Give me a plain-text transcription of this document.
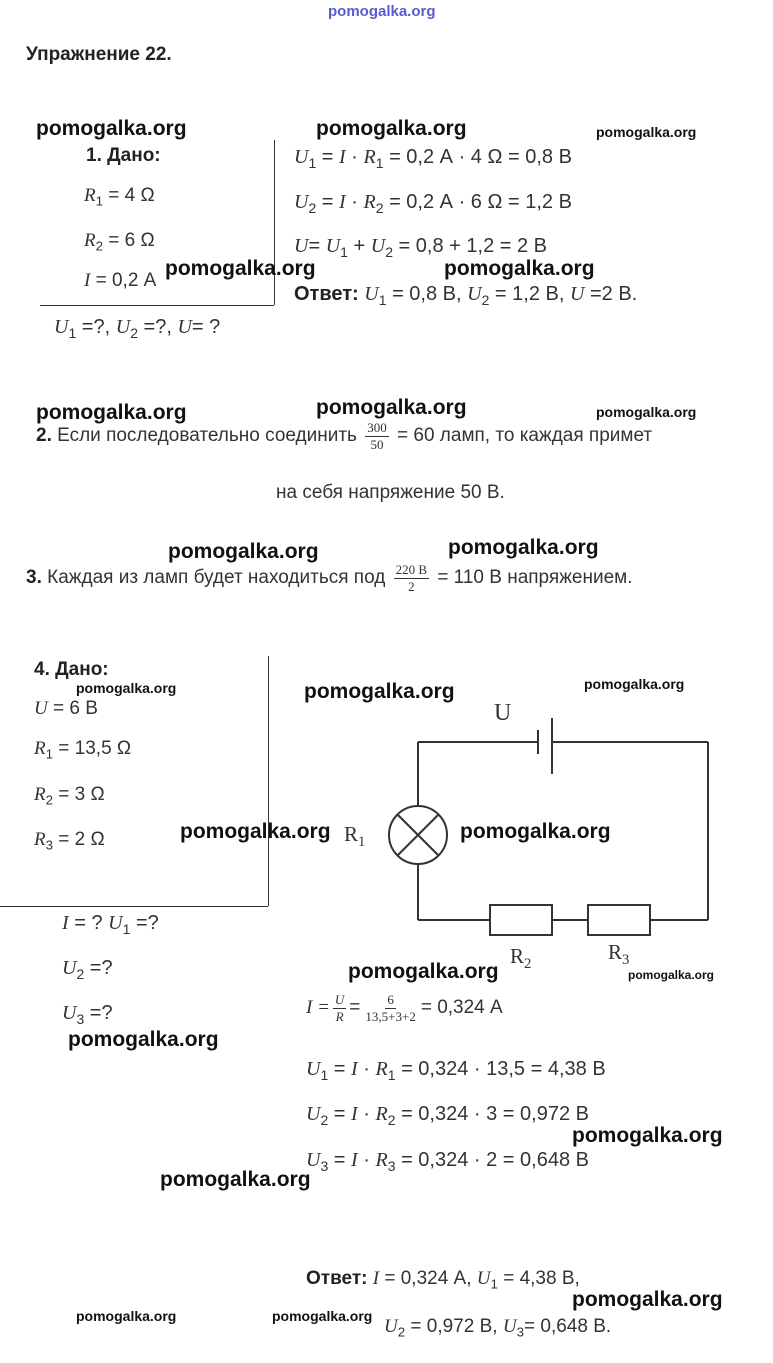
pomogalka.org
Упражнение 22.
pomogalka.org	pomogalka.org	pomogalka.org
1. Дано:
$R_1 = 4$ Ω
$R_2 = 6$ Ω
I = 0,2 А
$U_1$ =?, $U_2$ =?, U= ?
$U_1 = I \cdot R_1 = 0,2$ А · 4 Ω = 0,8 В
$U_2 = I \cdot R_2 = 0,2$ А · 6 Ω = 1,2 В
$U= U_1 + U_2 = 0,8 + 1,2 = 2$ В
pomogalka.org	pomogalka.org
Ответ: $U_1 = 0,8$ В, $U_2 = 1,2$ В, U =2 В.
pomogalka.org	pomogalka.org	pomogalka.org
2. Если последовательно соединить $\frac{300}{50} = 60$ ламп, то каждая примет
на себя напряжение 50 В.
pomogalka.org	pomogalka.org
3. Каждая из ламп будет находиться под $\frac{220 В}{2} = 110$ В напряжением.
4. Дано:
pomogalka.org
U = 6 В
$R_1 = 13,5$ Ω
$R_2 = 3$ Ω
$R_3 = 2$ Ω
I = ? $U_1$ =?
$U_2$ =?
$U_3$ =?
pomogalka.org	pomogalka.org
U
pomogalka.org $R_1$	pomogalka.org
$R_2$
$R_3$
pomogalka.org	pomogalka.org
$I = \frac{U}{R} = \frac{6}{13,5+3+2} = 0,324$ А
pomogalka.org
$U_1 = I \cdot R_1 = 0,324 \cdot 13,5 = 4,38$ В
$U_2 = I \cdot R_2 = 0,324 \cdot 3 = 0,972$ В
pomogalka.org
$U_3 = I \cdot R_3 = 0,324 \cdot 2 = 0,648$ В
pomogalka.org
Ответ: I = 0,324 А, $U_1 = 4,38$ В,
pomogalka.org
pomogalka.org	pomogalka.org $U_2 = 0,972$ В, $U_3= 0,648$ В.
